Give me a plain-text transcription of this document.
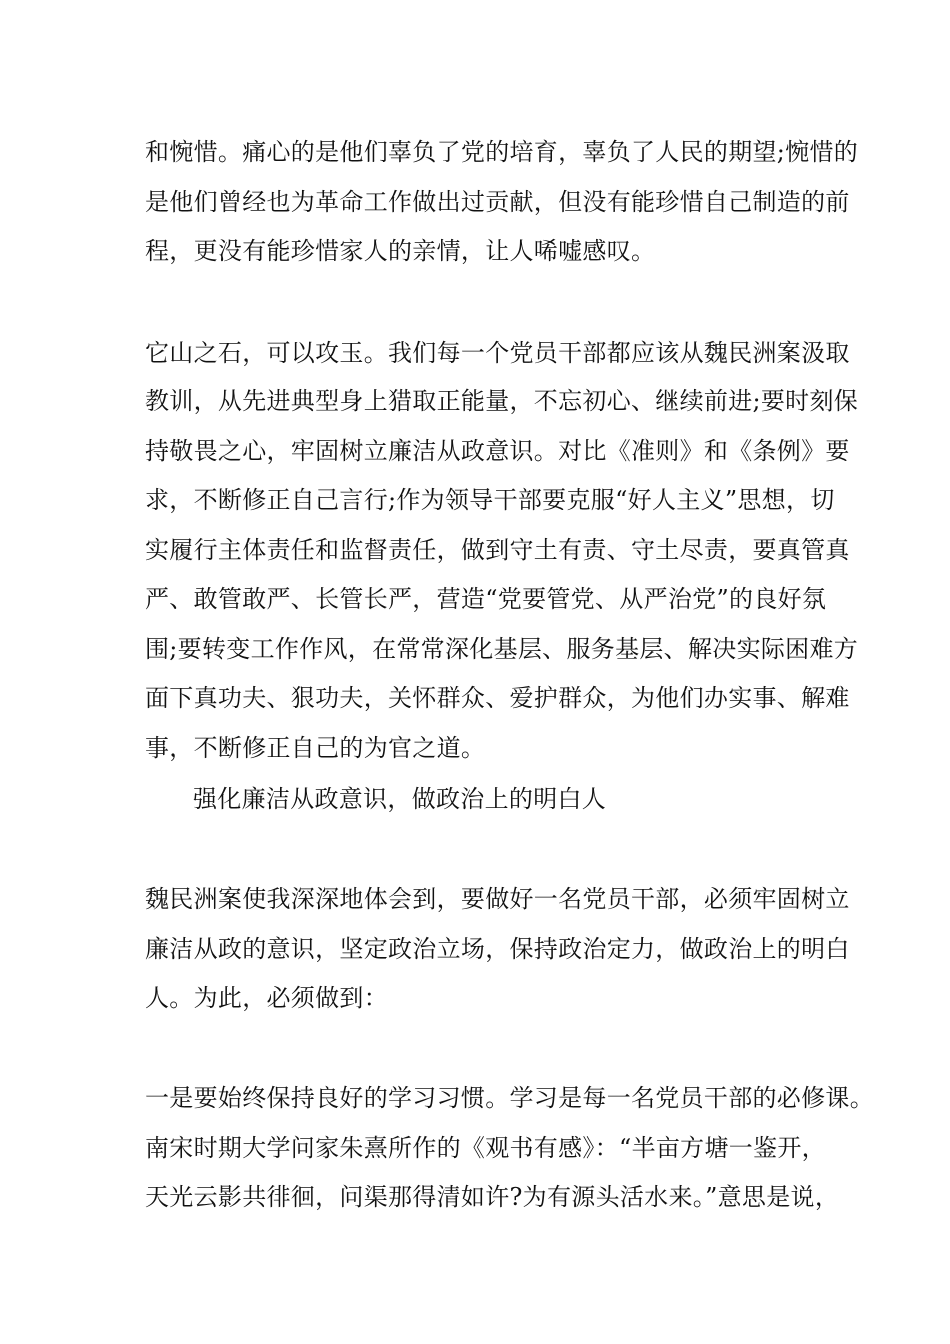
和惋惜。痛心的是他们辜负了党的培育，辜负了人民的期望;惋惜的
是他们曾经也为革命工作做出过贡献，但没有能珍惜自己制造的前
程，更没有能珍惜家人的亲情，让人唏嘘感叹。
它山之石，可以攻玉。我们每一个党员干部都应该从魏民洲案汲取
教训，从先进典型身上猎取正能量，不忘初心、继续前进;要时刻保
持敬畏之心，牢固树立廉洁从政意识。对比《准则》和《条例》要
求，不断修正自己言行;作为领导干部要克服“好人主义”思想，切
实履行主体责任和监督责任，做到守土有责、守土尽责，要真管真
严、敢管敢严、长管长严，营造“党要管党、从严治党”的良好氛
围;要转变工作作风，在常常深化基层、服务基层、解决实际困难方
面下真功夫、狠功夫，关怀群众、爱护群众，为他们办实事、解难
事，不断修正自己的为官之道。
强化廉洁从政意识，做政治上的明白人
魏民洲案使我深深地体会到，要做好一名党员干部，必须牢固树立
廉洁从政的意识，坚定政治立场，保持政治定力，做政治上的明白
人。为此，必须做到：
一是要始终保持良好的学习习惯。学习是每一名党员干部的必修课。
南宋时期大学问家朱熹所作的《观书有感》：“半亩方塘一鉴开，
天光云影共徘徊，问渠那得清如许?为有源头活水来。”意思是说，
